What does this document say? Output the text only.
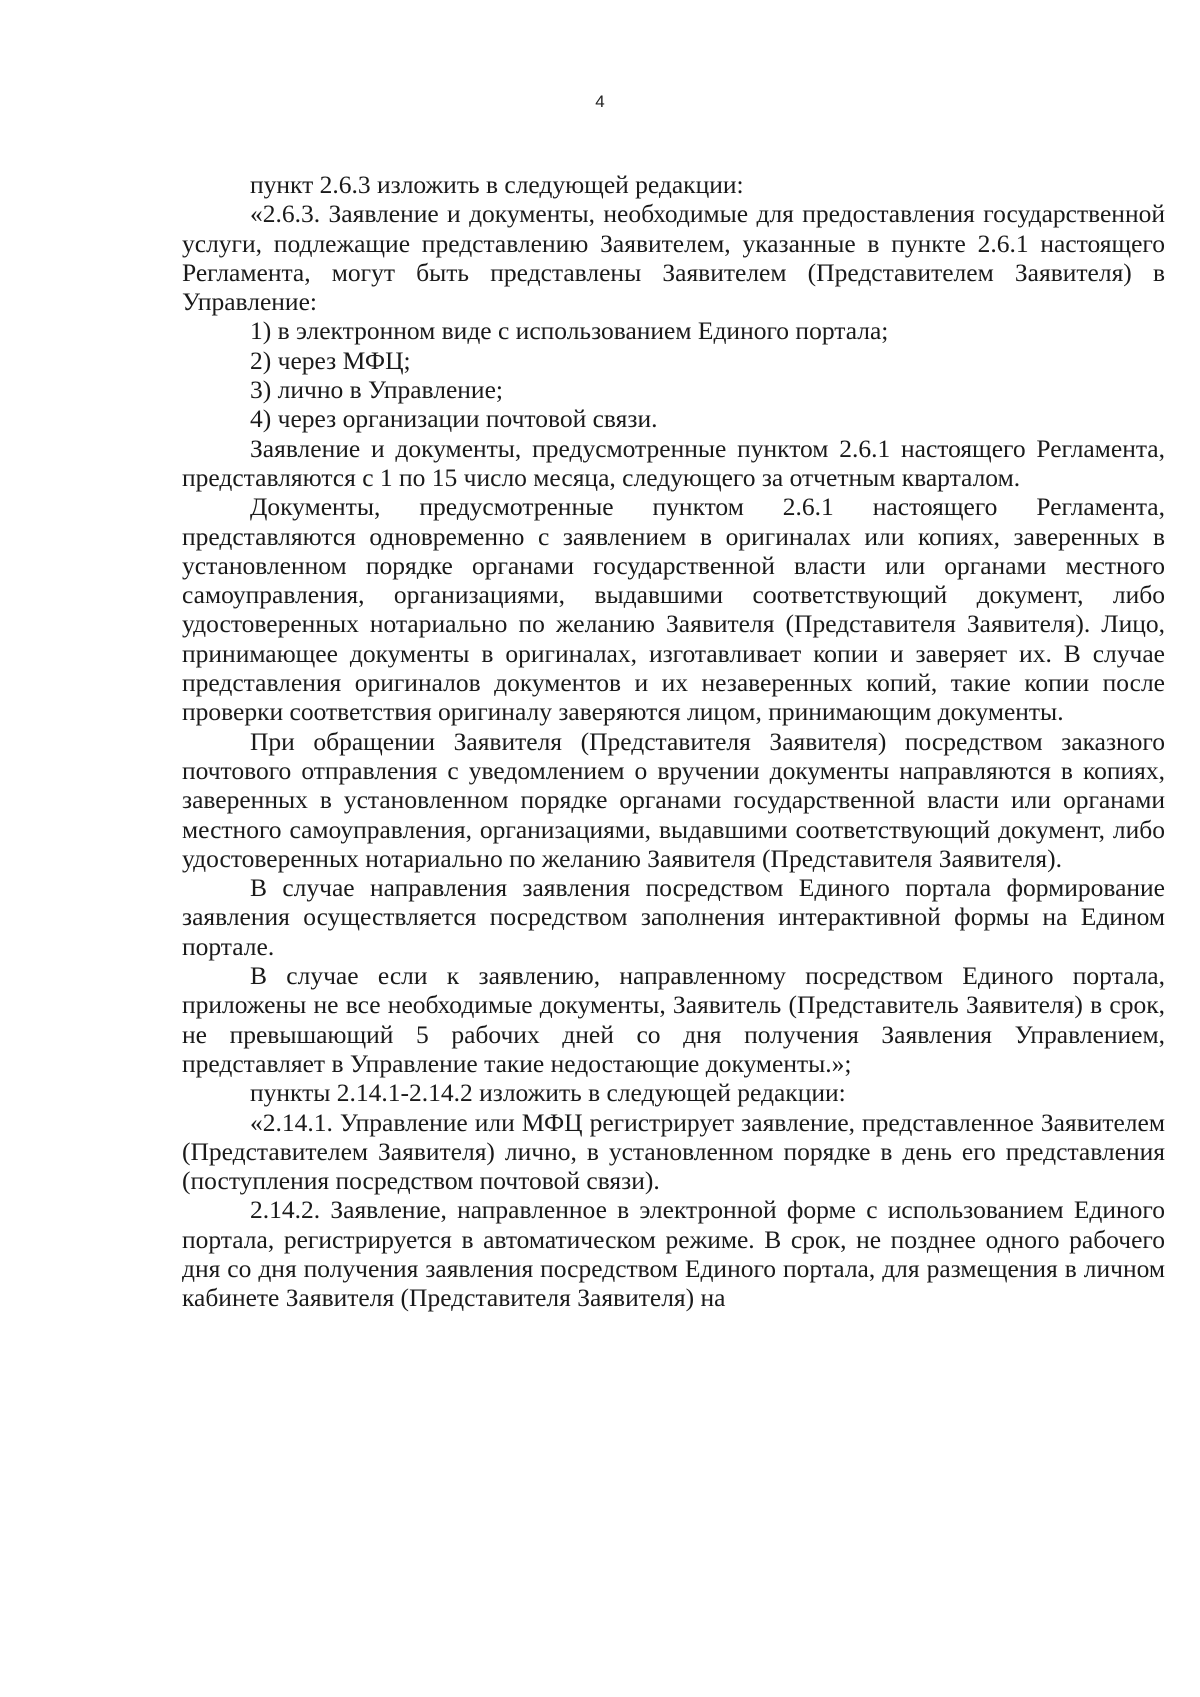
4

пункт 2.6.3 изложить в следующей редакции:

«2.6.3. Заявление и документы, необходимые для предоставления государственной услуги, подлежащие представлению Заявителем, указанные в пункте 2.6.1 настоящего Регламента, могут быть представлены Заявителем (Представителем Заявителя) в Управление:

1) в электронном виде с использованием Единого портала;

2) через МФЦ;

3) лично в Управление;

4) через организации почтовой связи.

Заявление и документы, предусмотренные пунктом 2.6.1 настоящего Регламента, представляются с 1 по 15 число месяца, следующего за отчетным кварталом.

Документы, предусмотренные пунктом 2.6.1 настоящего Регламента, представляются одновременно с заявлением в оригиналах или копиях, заверенных в установленном порядке органами государственной власти или органами местного самоуправления, организациями, выдавшими соответствующий документ, либо удостоверенных нотариально по желанию Заявителя (Представителя Заявителя). Лицо, принимающее документы в оригиналах, изготавливает копии и заверяет их. В случае представления оригиналов документов и их незаверенных копий, такие копии после проверки соответствия оригиналу заверяются лицом, принимающим документы.

При обращении Заявителя (Представителя Заявителя) посредством заказного почтового отправления с уведомлением о вручении документы направляются в копиях, заверенных в установленном порядке органами государственной власти или органами местного самоуправления, организациями, выдавшими соответствующий документ, либо удостоверенных нотариально по желанию Заявителя (Представителя Заявителя).

В случае направления заявления посредством Единого портала формирование заявления осуществляется посредством заполнения интерактивной формы на Едином портале.

В случае если к заявлению, направленному посредством Единого портала, приложены не все необходимые документы, Заявитель (Представитель Заявителя) в срок, не превышающий 5 рабочих дней со дня получения Заявления Управлением, представляет в Управление такие недостающие документы.»;

пункты 2.14.1-2.14.2 изложить в следующей редакции:

«2.14.1. Управление или МФЦ регистрирует заявление, представленное Заявителем (Представителем Заявителя) лично, в установленном порядке в день его представления (поступления посредством почтовой связи).

2.14.2. Заявление, направленное в электронной форме с использованием Единого портала, регистрируется в автоматическом режиме. В срок, не позднее одного рабочего дня со дня получения заявления посредством Единого портала, для размещения в личном кабинете Заявителя (Представителя Заявителя) на
